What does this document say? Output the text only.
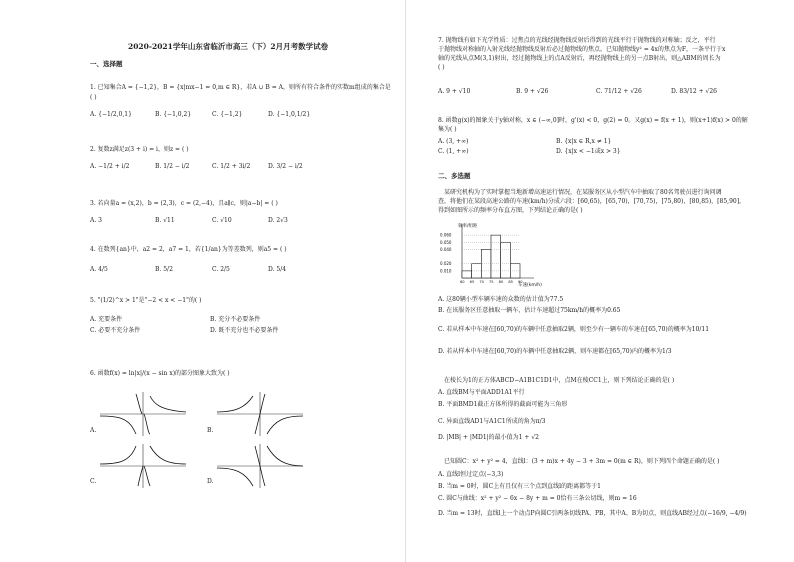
2020-2021学年山东省临沂市高三（下）2月月考数学试卷
一、选择题
1. 已知集合A = {−1,2}，B = {x|mx−1 = 0,m ∈ R}，若A ∪ B = A，则所有符合条件的实数m组成的集合是
( )
A. {−1/2,0,1}	B. {−1,0,2}	C. {−1,2}	D. {−1,0,1/2}
2. 复数z满足z(3 + i) = i，则z = ( )
A. −1/2 + i/2	B. 1/2 − i/2	C. 1/2 + 3i/2	D. 3/2 − i/2
3. 若向量a = (x,2)，b = (2,3)，c = (2,−4)，且a∥c，则|a−b| = ( )
A. 3	B. √11	C. √10	D. 2√3
4. 在数列{an}中，a2 = 2，a7 = 1，若{1/an}为等差数列，则a5 = ( )
A. 4/5	B. 5/2	C. 2/5	D. 5/4
5. "(1/2)^x > 1"是"−2 < x < −1"的( )
A. 充要条件	B. 充分不必要条件
C. 必要不充分条件	D. 既不充分也不必要条件
6. 函数f(x) = ln|x|/(x − sin x)的部分图象大致为( )
A.	B.
C.	D.
7. 抛物线有如下光学性质：过焦点的光线经抛物线反射后得到的光线平行于抛物线的对称轴；反之，平行
于抛物线对称轴的入射光线经抛物线反射后必过抛物线的焦点。已知抛物线y² = 4x的焦点为F，一条平行于x
轴的光线从点M(3,1)射出，经过抛物线上的点A反射后，再经抛物线上的另一点B射出，则△ABM的周长为
( )
A. 9 + √10	B. 9 + √26	C. 71/12 + √26	D. 83/12 + √26
8. 函数g(x)的图象关于y轴对称，x ∈ (−∞,0]时，g'(x) < 0，g(2) = 0。又g(x) = f(x + 1)，则(x+1)f(x) > 0的解
集为( )
A. (3, +∞)	B. {x|x ∈ R,x ≠ 1}
C. (1, +∞)	D. {x|x < −1或x > 3}
二、多选题
某研究机构为了实时掌握当地新增高速运行情况，在某服务区从小型汽车中抽取了80名驾驶员进行询问调
查，将他们在某段高速公路的车速(km/h)分成六段：[60,65)，[65,70)，[70,75)，[75,80)，[80,85)，[85,90]，
得到如图所示的频率分布直方图，下列结论正确的是( )
频率/组距
车速(km/h)
0.060
0.050
0.040
0.020
0.010
60 65 70 75 80 85 90
A. 这80辆小型车辆车速的众数的估计值为77.5
B. 在该服务区任意抽取一辆车，估计车速超过75km/h的概率为0.65
C. 若从样本中车速在[60,70)的车辆中任意抽取2辆，则至少有一辆车的车速在[65,70)的概率为10/11
D. 若从样本中车速在[60,70)的车辆中任意抽取2辆，则车速都在[65,70)内的概率为1/3
在棱长为1的正方体ABCD−A1B1C1D1中，点M在棱CC1上，则下列结论正确的是( )
A. 直线BM与平面ADD1A1平行
B. 平面BMD1截正方体所得的截面可能为三角形
C. 异面直线AD1与A1C1所成的角为π/3
D. |MB| + |MD1|的最小值为1 + √2
已知圆C：x² + y² = 4，直线l：(3 + m)x + 4y − 3 + 3m = 0(m ∈ R)，则下列四个命题正确的是( )
A. 直线l恒过定点(−3,3)
B. 当m = 0时，圆C上有且仅有三个点到直线l的距离都等于1
C. 圆C与曲线：x² + y² − 6x − 8y + m = 0恰有三条公切线，则m = 16
D. 当m = 13时，直线l上一个动点P向圆C引两条切线PA、PB，其中A、B为切点，则直线AB经过点(−16/9, −4/9)
